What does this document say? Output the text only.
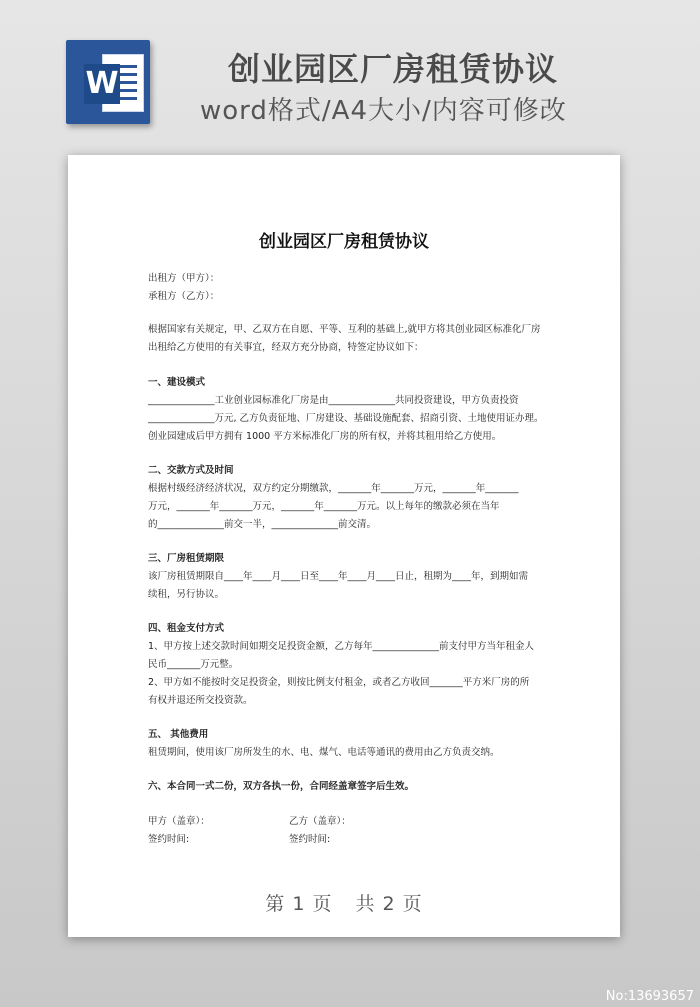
W	创业园区厂房租赁协议
word格式/A4大小/内容可修改
创业园区厂房租赁协议
出租方（甲方）：
承租方（乙方）：
根据国家有关规定，甲、乙双方在自愿、平等、互利的基础上,就甲方将其创业园区标准化厂房
出租给乙方使用的有关事宜，经双方充分协商，特签定协议如下：
一、建设模式
______________工业创业园标准化厂房是由______________共同投资建设，甲方负责投资
______________万元, 乙方负责征地、厂房建设、基础设施配套、招商引资、土地使用证办理。
创业园建成后甲方拥有 1000 平方米标准化厂房的所有权，并将其租用给乙方使用。
二、交款方式及时间
根据村级经济经济状况，双方约定分期缴款，_______年_______万元，_______年_______
万元，_______年_______万元，_______年_______万元。以上每年的缴款必须在当年
的______________前交一半，______________前交清。
三、厂房租赁期限
该厂房租赁期限自____年____月____日至____年____月____日止，租期为____年，到期如需
续租，另行协议。
四、租金支付方式
1、甲方按上述交款时间如期交足投资金额，乙方每年______________前支付甲方当年租金人
民币_______万元整。
2、甲方如不能按时交足投资金，则按比例支付租金，或者乙方收回_______平方米厂房的所
有权并退还所交投资款。
五、 其他费用
租赁期间，使用该厂房所发生的水、电、煤气、电话等通讯的费用由乙方负责交纳。
六、本合同一式二份，双方各执一份，合同经盖章签字后生效。
甲方（盖章）：	乙方（盖章）：
签约时间:	签约时间:
第 1 页 共 2 页
No:13693657
